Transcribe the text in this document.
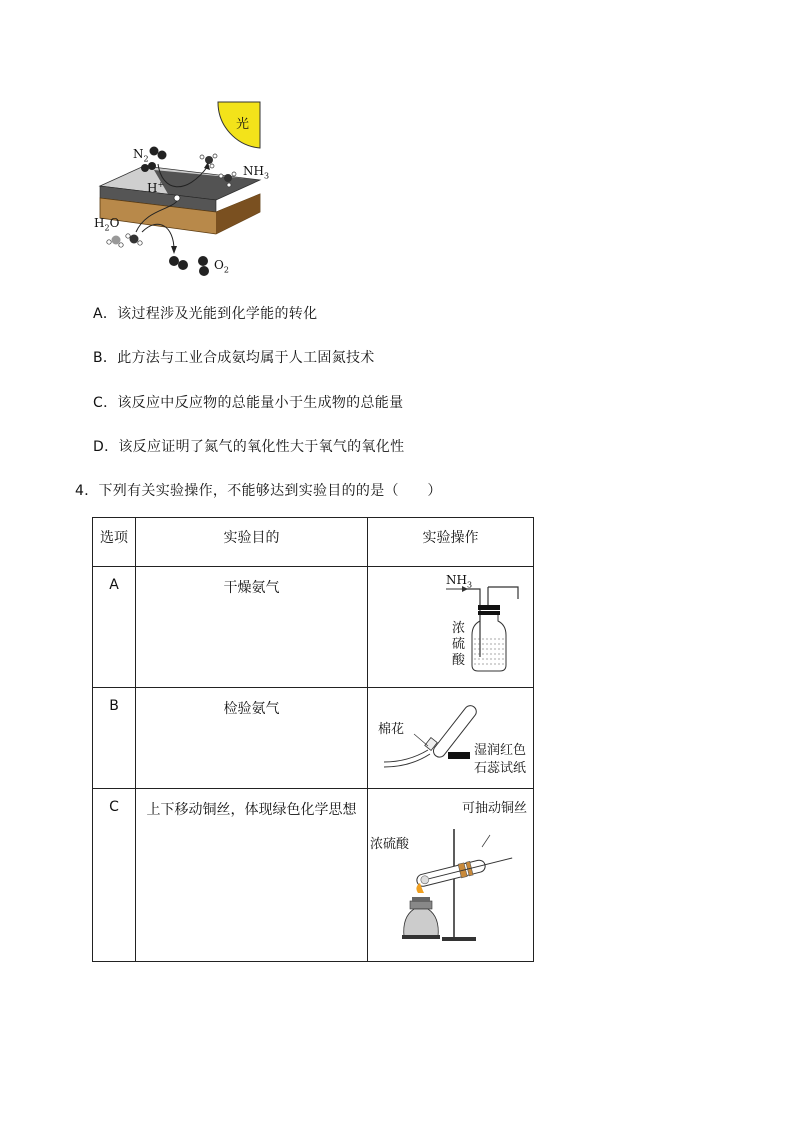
光
$N_2$
$NH_3$
H+
$H_2O$
$O_2$
A．该过程涉及光能到化学能的转化
B．此方法与工业合成氨均属于人工固氮技术
C．该反应中反应物的总能量小于生成物的总能量
D．该反应证明了氮气的氧化性大于氧气的氧化性
4．下列有关实验操作，不能够达到实验目的的是（　　）
选项	实验目的	实验操作

A	干燥氨气	$NH_3$
浓
硫
酸

B	检验氨气	棉花
湿润红色
石蕊试纸

C	上下移动铜丝，体现绿色化学思想	可抽动铜丝
浓硫酸
